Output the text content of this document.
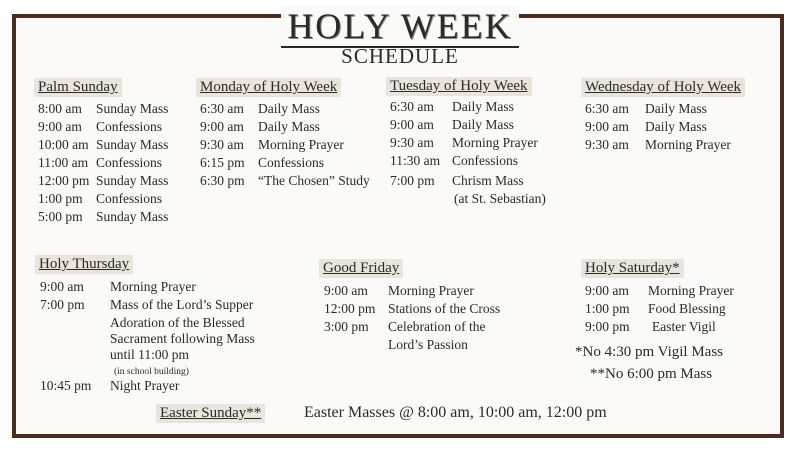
HOLY WEEK
SCHEDULE
Palm Sunday
8:00 am Sunday Mass
9:00 am Confessions
10:00 am Sunday Mass
11:00 am Confessions
12:00 pm Sunday Mass
1:00 pm Confessions
5:00 pm Sunday Mass
Monday of Holy Week
6:30 am Daily Mass
9:00 am Daily Mass
9:30 am Morning Prayer
6:15 pm Confessions
6:30 pm “The Chosen” Study
Tuesday of Holy Week
6:30 am Daily Mass
9:00 am Daily Mass
9:30 am Morning Prayer
11:30 am Confessions
7:00 pm Chrism Mass
(at St. Sebastian)
Wednesday of Holy Week
6:30 am Daily Mass
9:00 am Daily Mass
9:30 am Morning Prayer
Holy Thursday
9:00 am Morning Prayer
7:00 pm Mass of the Lord’s Supper
Adoration of the Blessed
Sacrament following Mass
until 11:00 pm
(in school building)
10:45 pm Night Prayer
Good Friday
9:00 am Morning Prayer
12:00 pm Stations of the Cross
3:00 pm Celebration of the
Lord’s Passion
Holy Saturday*
9:00 am Morning Prayer
1:00 pm Food Blessing
9:00 pm Easter Vigil
*No 4:30 pm Vigil Mass
**No 6:00 pm Mass
Easter Sunday**	Easter Masses @ 8:00 am, 10:00 am, 12:00 pm
